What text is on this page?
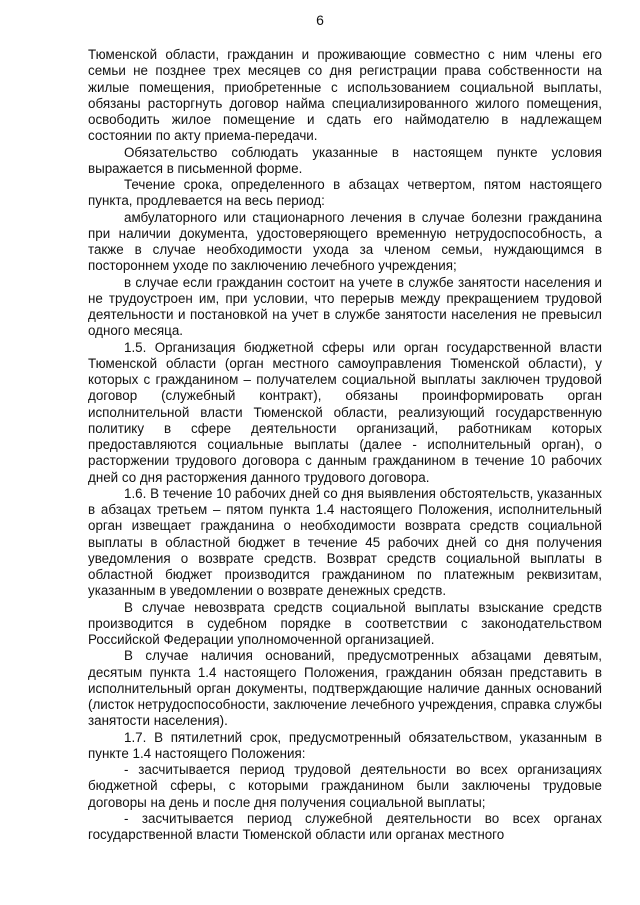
6

Тюменской области, гражданин и проживающие совместно с ним члены его семьи не позднее трех месяцев со дня регистрации права собственности на жилые помещения, приобретенные с использованием социальной выплаты, обязаны расторгнуть договор найма специализированного жилого помещения, освободить жилое помещение и сдать его наймодателю в надлежащем состоянии по акту приема-передачи.

Обязательство соблюдать указанные в настоящем пункте условия выражается в письменной форме.

Течение срока, определенного в абзацах четвертом, пятом настоящего пункта, продлевается на весь период:

амбулаторного или стационарного лечения в случае болезни гражданина при наличии документа, удостоверяющего временную нетрудоспособность, а также в случае необходимости ухода за членом семьи, нуждающимся в постороннем уходе по заключению лечебного учреждения;

в случае если гражданин состоит на учете в службе занятости населения и не трудоустроен им, при условии, что перерыв между прекращением трудовой деятельности и постановкой на учет в службе занятости населения не превысил одного месяца.

1.5. Организация бюджетной сферы или орган государственной власти Тюменской области (орган местного самоуправления Тюменской области), у которых с гражданином – получателем социальной выплаты заключен трудовой договор (служебный контракт), обязаны проинформировать орган исполнительной власти Тюменской области, реализующий государственную политику в сфере деятельности организаций, работникам которых предоставляются социальные выплаты (далее - исполнительный орган), о расторжении трудового договора с данным гражданином в течение 10 рабочих дней со дня расторжения данного трудового договора.

1.6. В течение 10 рабочих дней со дня выявления обстоятельств, указанных в абзацах третьем – пятом пункта 1.4 настоящего Положения, исполнительный орган извещает гражданина о необходимости возврата средств социальной выплаты в областной бюджет в течение 45 рабочих дней со дня получения уведомления о возврате средств. Возврат средств социальной выплаты в областной бюджет производится гражданином по платежным реквизитам, указанным в уведомлении о возврате денежных средств.

В случае невозврата средств социальной выплаты взыскание средств производится в судебном порядке в соответствии с законодательством Российской Федерации уполномоченной организацией.

В случае наличия оснований, предусмотренных абзацами девятым, десятым пункта 1.4 настоящего Положения, гражданин обязан представить в исполнительный орган документы, подтверждающие наличие данных оснований (листок нетрудоспособности, заключение лечебного учреждения, справка службы занятости населения).

1.7. В пятилетний срок, предусмотренный обязательством, указанным в пункте 1.4 настоящего Положения:

- засчитывается период трудовой деятельности во всех организациях бюджетной сферы, с которыми гражданином были заключены трудовые договоры на день и после дня получения социальной выплаты;

- засчитывается период служебной деятельности во всех органах государственной власти Тюменской области или органах местного
